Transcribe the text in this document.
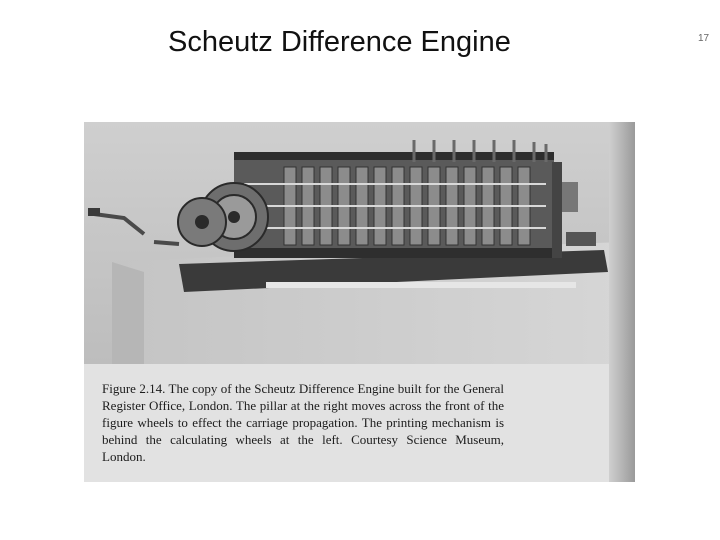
Scheutz Difference Engine	17

Figure 2.14. The copy of the Scheutz Difference Engine built for the General Register Office, London. The pillar at the right moves across the front of the figure wheels to effect the carriage propagation. The printing mechanism is behind the calculating wheels at the left. Courtesy Science Museum, London.
